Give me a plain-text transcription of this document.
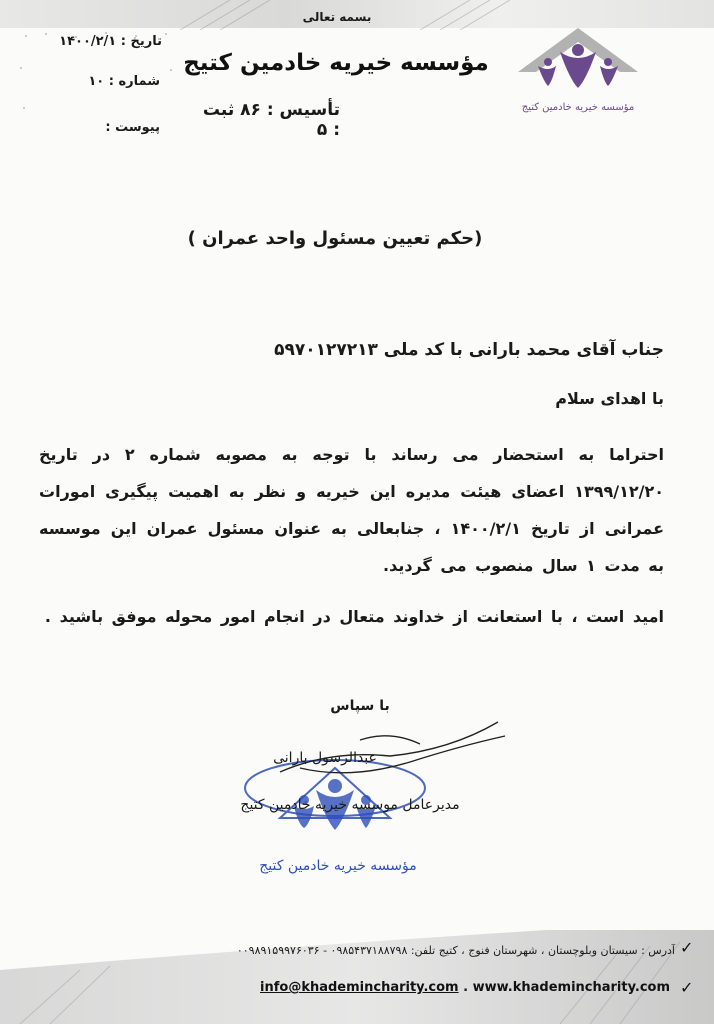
بسمه تعالی
مؤسسه خیریه خادمین کتیج
تأسیس : ۸۶ ثبت : ۵
تاریخ : ۱۴۰۰/۲/۱
شماره : ۱۰
پیوست :
مؤسسه خیریه خادمین کتیج
(حکم تعیین مسئول واحد عمران )
جناب آقای محمد بارانی با کد ملی ۵۹۷۰۱۲۷۲۱۳
با اهدای سلام
احتراما به استحضار می رساند با توجه به مصوبه شماره ۲ در تاریخ ۱۳۹۹/۱۲/۲۰ اعضای هیئت مدیره این خیریه و نظر به اهمیت پیگیری امورات عمرانی از تاریخ ۱۴۰۰/۲/۱ ، جنابعالی به عنوان مسئول عمران این موسسه به مدت ۱ سال منصوب می گردید.
امید است ، با استعانت از خداوند متعال در انجام امور محوله موفق باشید .
با سپاس
مؤسسه خیریه خادمین کتیج
عبدالرسول بارانی
مدیرعامل موسسه خیریه خادمین کتیج
✓
آدرس : سیستان وبلوچستان ، شهرستان فنوج ، کتیج تلفن: ۰۹۸۵۴۳۷۱۸۸۷۹۸ - ۰۰۹۸۹۱۵۹۹۷۶۰۳۶
✓
info@khademincharity.com . www.khademincharity.com
